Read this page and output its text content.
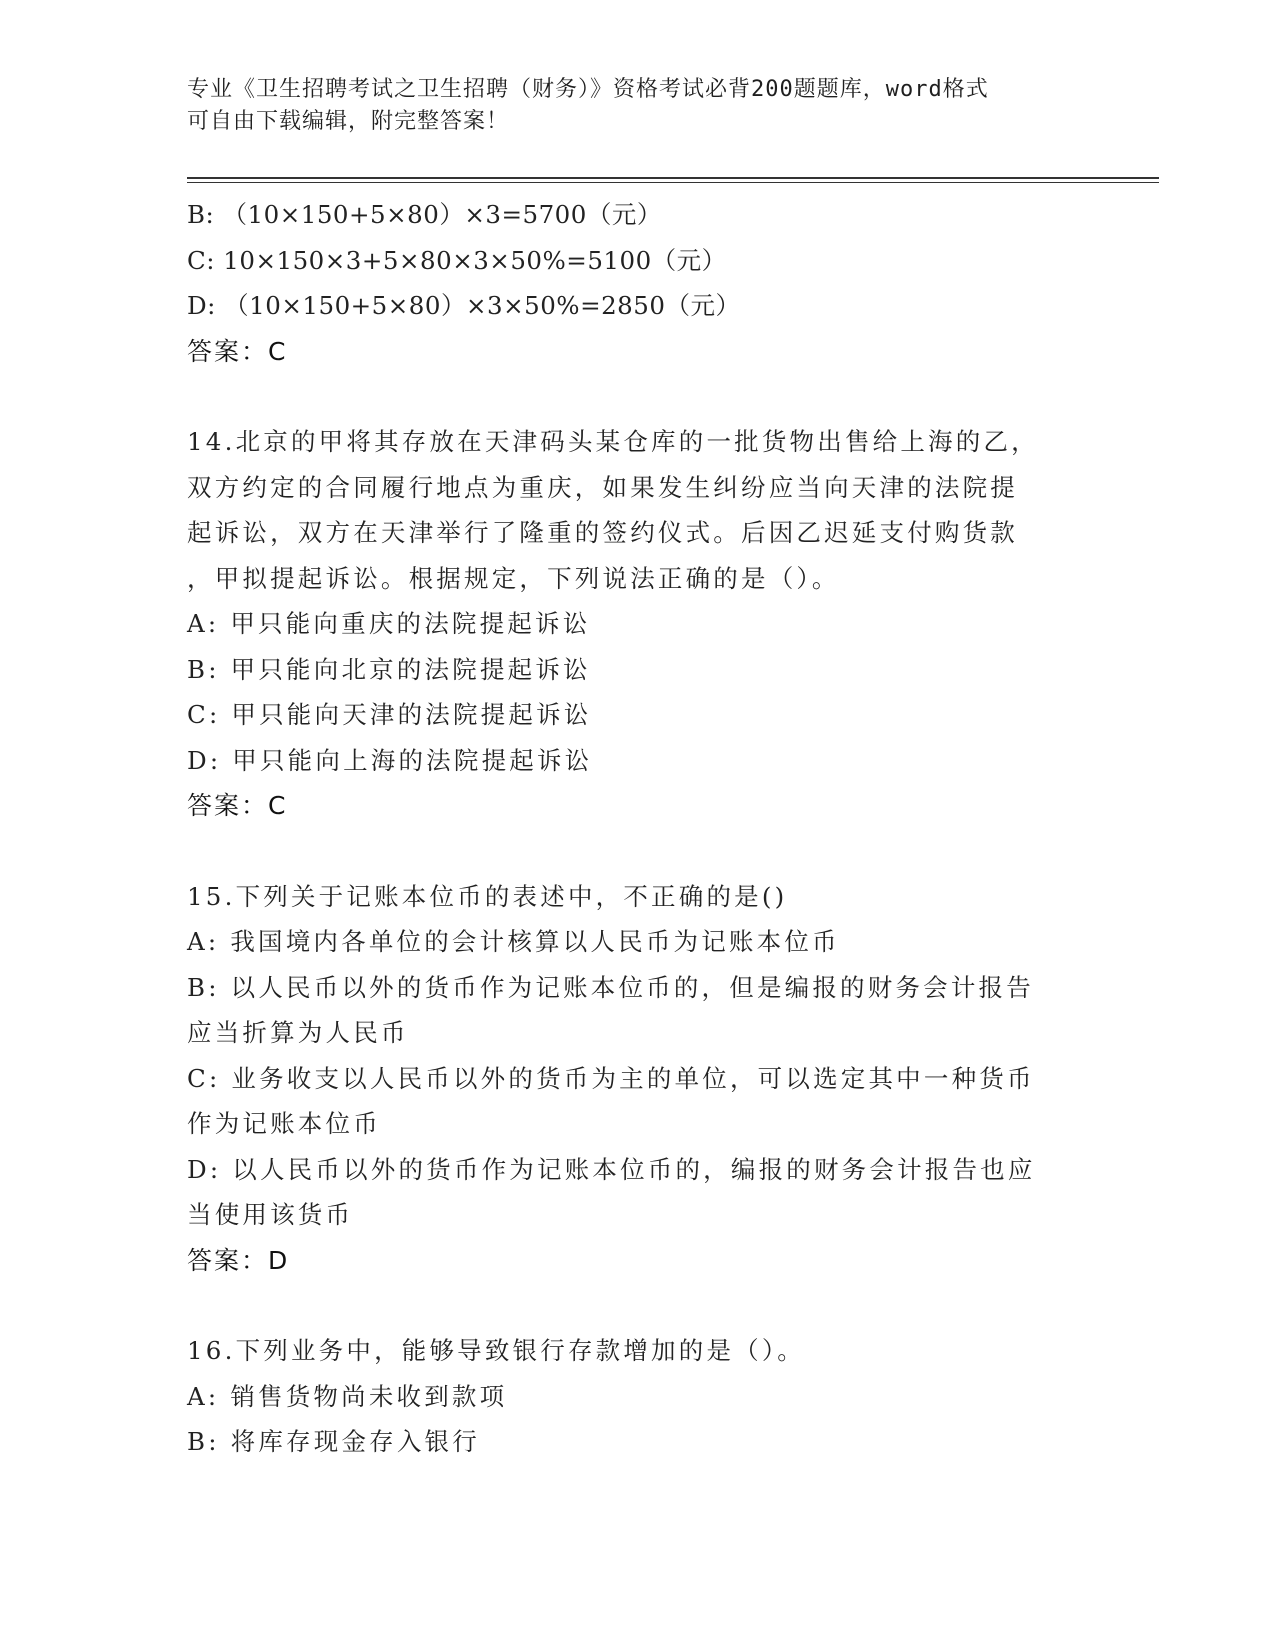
专业《卫生招聘考试之卫生招聘（财务）》资格考试必背200题题库，word格式
可自由下载编辑，附完整答案！
B: （10×150+5×80）×3=5700（元）
C: 10×150×3+5×80×3×50%=5100（元）
D: （10×150+5×80）×3×50%=2850（元）
答案：C
14.北京的甲将其存放在天津码头某仓库的一批货物出售给上海的乙，
双方约定的合同履行地点为重庆，如果发生纠纷应当向天津的法院提
起诉讼，双方在天津举行了隆重的签约仪式。后因乙迟延支付购货款
，甲拟提起诉讼。根据规定，下列说法正确的是（）。
A: 甲只能向重庆的法院提起诉讼
B: 甲只能向北京的法院提起诉讼
C: 甲只能向天津的法院提起诉讼
D: 甲只能向上海的法院提起诉讼
答案：C
15.下列关于记账本位币的表述中，不正确的是()
A: 我国境内各单位的会计核算以人民币为记账本位币
B: 以人民币以外的货币作为记账本位币的，但是编报的财务会计报告
应当折算为人民币
C: 业务收支以人民币以外的货币为主的单位，可以选定其中一种货币
作为记账本位币
D: 以人民币以外的货币作为记账本位币的，编报的财务会计报告也应
当使用该货币
答案：D
16.下列业务中，能够导致银行存款增加的是（）。
A: 销售货物尚未收到款项
B: 将库存现金存入银行
